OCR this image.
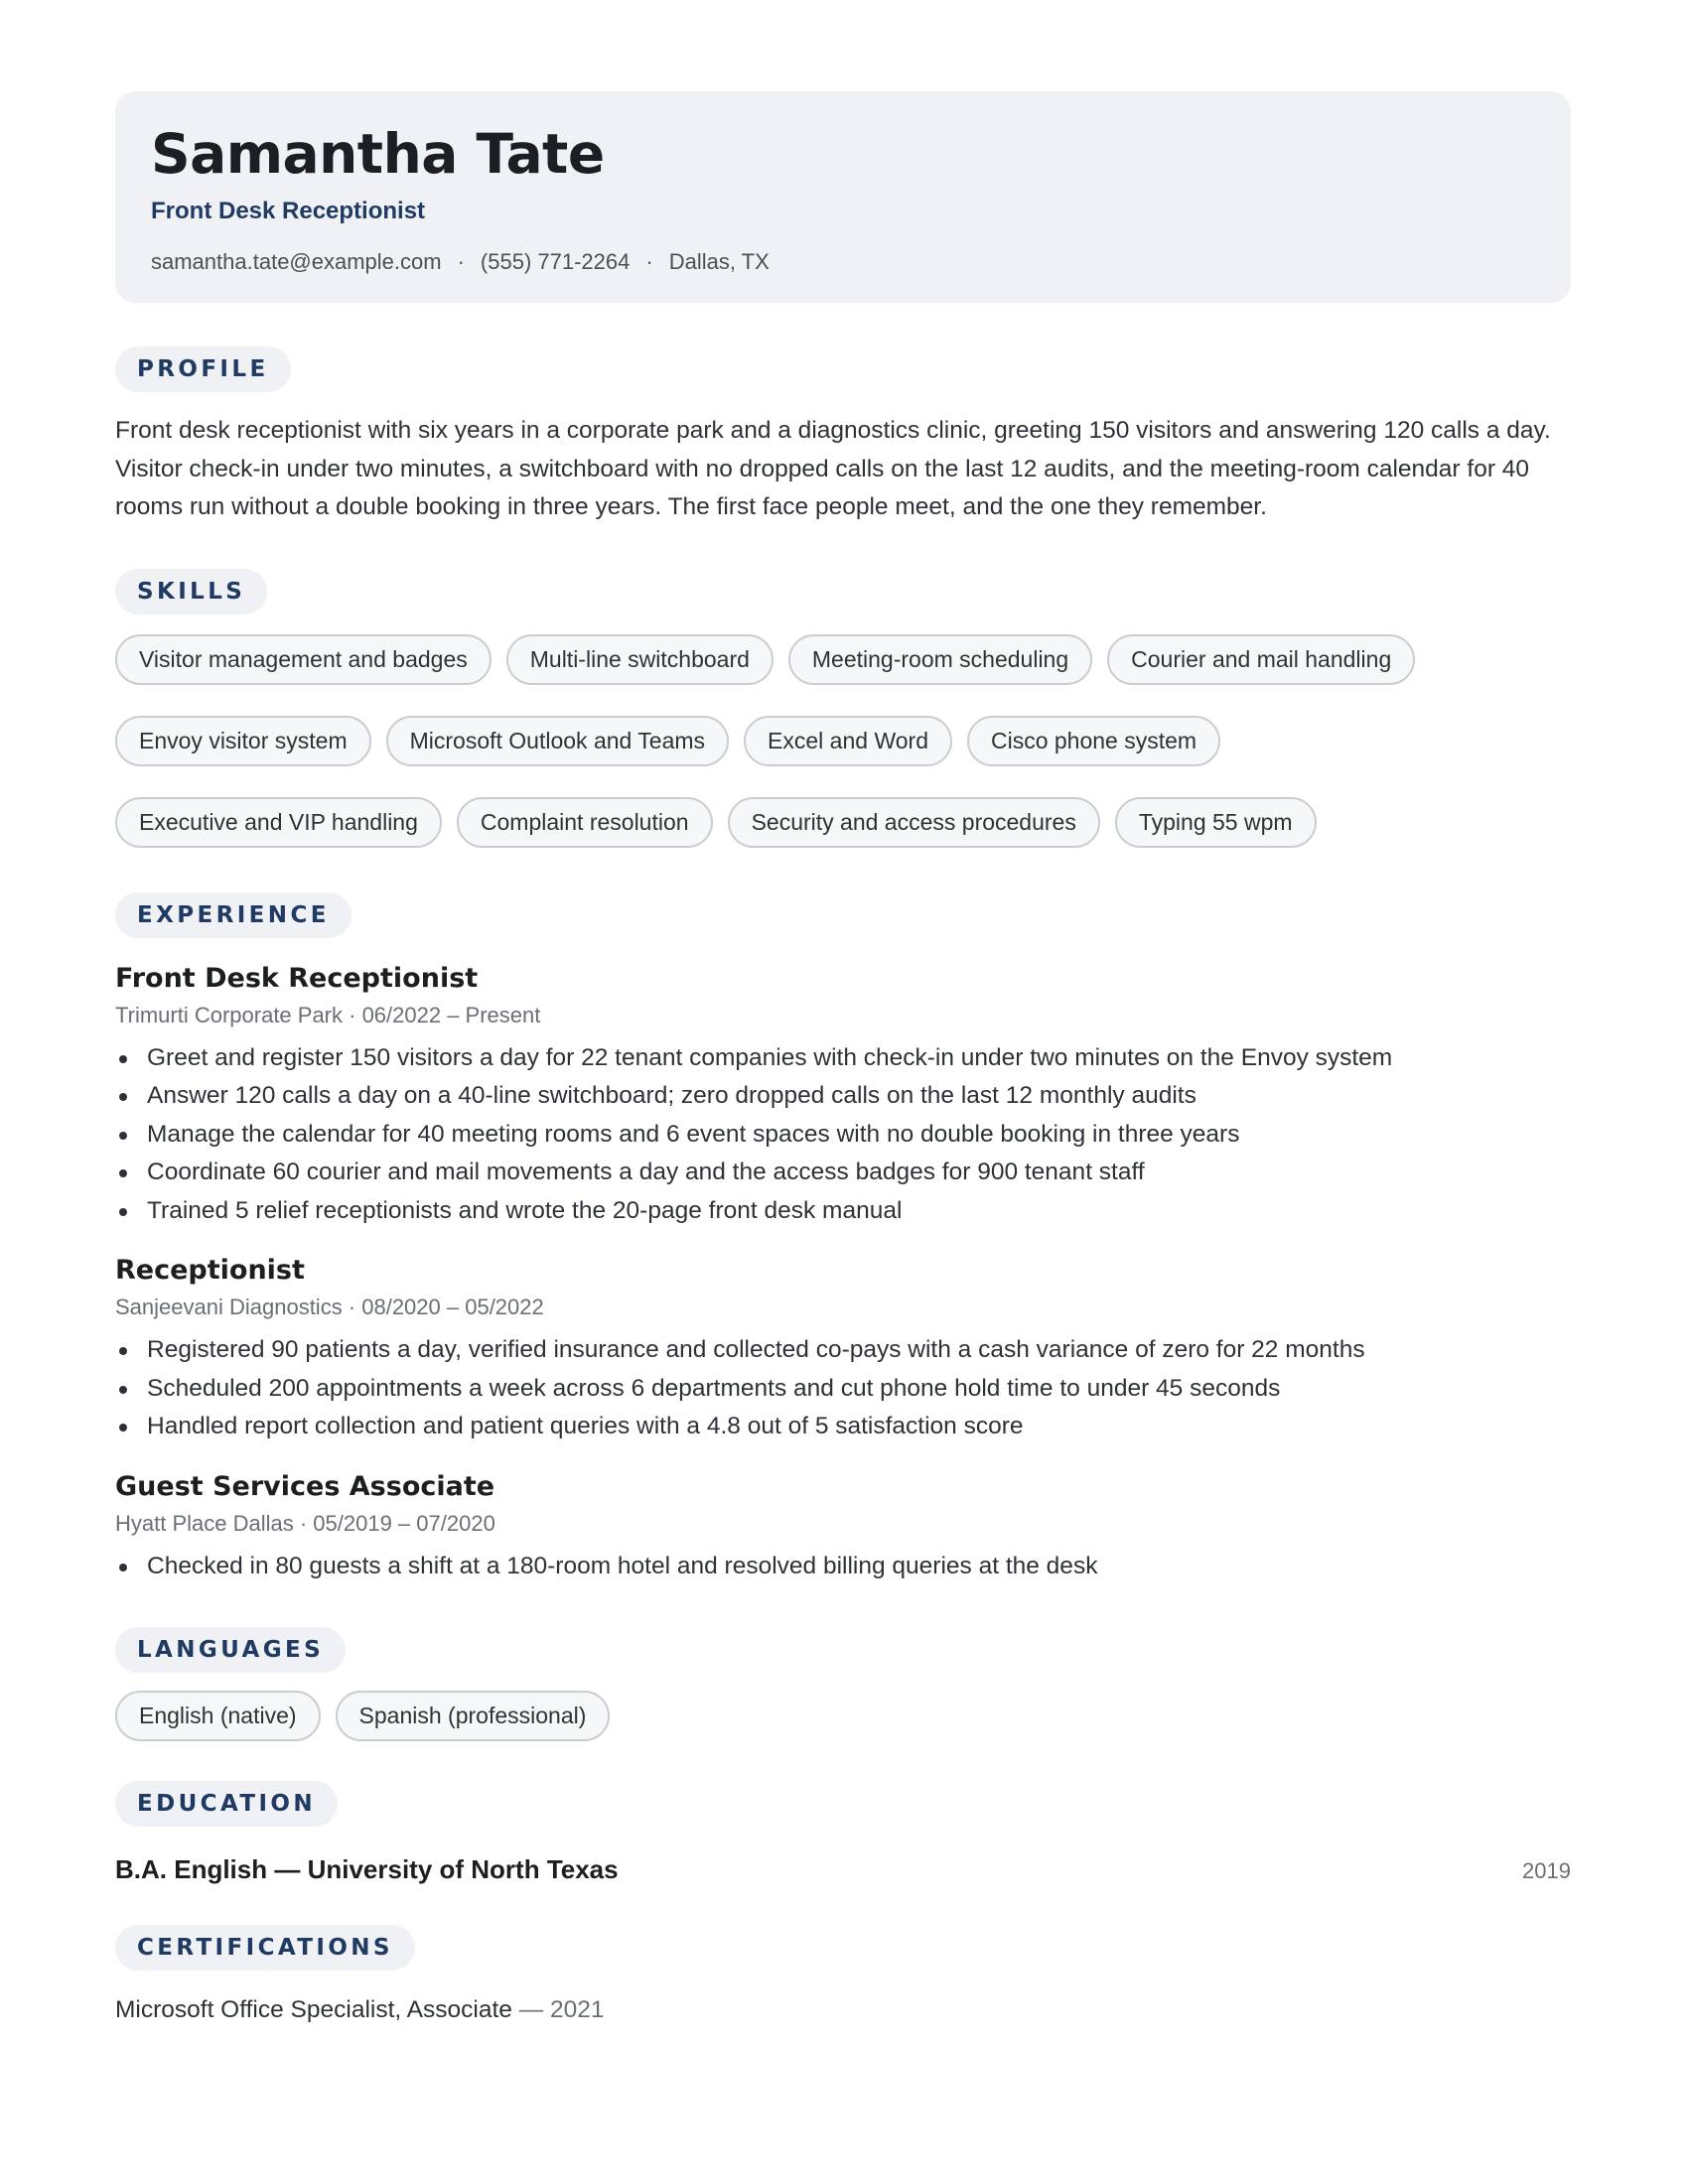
Samantha Tate
Front Desk Receptionist
samantha.tate@example.com · (555) 771-2264 · Dallas, TX
PROFILE
Front desk receptionist with six years in a corporate park and a diagnostics clinic, greeting 150 visitors and answering 120 calls a day. Visitor check-in under two minutes, a switchboard with no dropped calls on the last 12 audits, and the meeting-room calendar for 40 rooms run without a double booking in three years. The first face people meet, and the one they remember.
SKILLS
Visitor management and badges	Multi-line switchboard	Meeting-room scheduling	Courier and mail handling
Envoy visitor system	Microsoft Outlook and Teams	Excel and Word	Cisco phone system
Executive and VIP handling	Complaint resolution	Security and access procedures	Typing 55 wpm
EXPERIENCE
Front Desk Receptionist
Trimurti Corporate Park · 06/2022 – Present
Greet and register 150 visitors a day for 22 tenant companies with check-in under two minutes on the Envoy system
Answer 120 calls a day on a 40-line switchboard; zero dropped calls on the last 12 monthly audits
Manage the calendar for 40 meeting rooms and 6 event spaces with no double booking in three years
Coordinate 60 courier and mail movements a day and the access badges for 900 tenant staff
Trained 5 relief receptionists and wrote the 20-page front desk manual
Receptionist
Sanjeevani Diagnostics · 08/2020 – 05/2022
Registered 90 patients a day, verified insurance and collected co-pays with a cash variance of zero for 22 months
Scheduled 200 appointments a week across 6 departments and cut phone hold time to under 45 seconds
Handled report collection and patient queries with a 4.8 out of 5 satisfaction score
Guest Services Associate
Hyatt Place Dallas · 05/2019 – 07/2020
Checked in 80 guests a shift at a 180-room hotel and resolved billing queries at the desk
LANGUAGES
English (native)	Spanish (professional)
EDUCATION
B.A. English — University of North Texas	2019
CERTIFICATIONS
Microsoft Office Specialist, Associate — 2021
